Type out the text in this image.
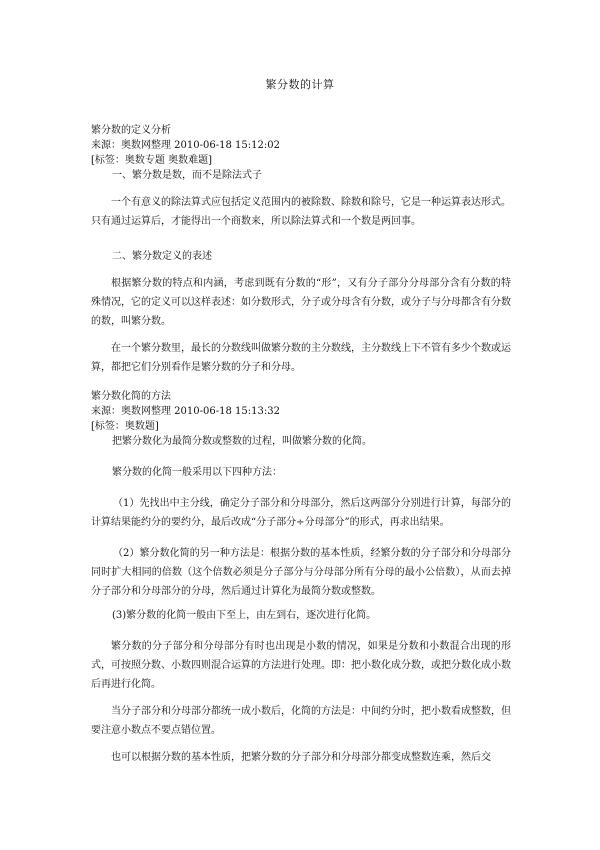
繁分数的计算
繁分数的定义分析
来源：奥数网整理 2010-06-18 15:12:02
[标签：奥数专题 奥数难题]
一、繁分数是数，而不是除法式子
一个有意义的除法算式应包括定义范围内的被除数、除数和除号，它是一种运算表达形式。只有通过运算后，才能得出一个商数来，所以除法算式和一个数是两回事。
二、繁分数定义的表述
根据繁分数的特点和内涵，考虑到既有分数的“形”，又有分子部分分母部分含有分数的特殊情况，它的定义可以这样表述：如分数形式，分子或分母含有分数，或分子与分母都含有分数的数，叫繁分数。
在一个繁分数里，最长的分数线叫做繁分数的主分数线，主分数线上下不管有多少个数或运算，都把它们分别看作是繁分数的分子和分母。
繁分数化简的方法
来源：奥数网整理 2010-06-18 15:13:32
[标签：奥数题]
把繁分数化为最简分数或整数的过程，叫做繁分数的化简。
繁分数的化简一般采用以下四种方法：
（1）先找出中主分线，确定分子部分和分母部分，然后这两部分分别进行计算，每部分的计算结果能约分的要约分，最后改成“分子部分÷分母部分”的形式，再求出结果。
（2）繁分数化简的另一种方法是：根据分数的基本性质，经繁分数的分子部分和分母部分同时扩大相同的倍数（这个倍数必须是分子部分与分母部分所有分母的最小公倍数），从而去掉分子部分和分母部分的分母，然后通过计算化为最简分数或整数。
(3)繁分数的化简一般由下至上，由左到右，逐次进行化简。
繁分数的分子部分和分母部分有时也出现是小数的情况，如果是分数和小数混合出现的形式，可按照分数、小数四则混合运算的方法进行处理。即：把小数化成分数，或把分数化成小数后再进行化简。
当分子部分和分母部分都统一成小数后，化简的方法是：中间约分时，把小数看成整数，但要注意小数点不要点错位置。
也可以根据分数的基本性质，把繁分数的分子部分和分母部分都变成整数连乘，然后交
